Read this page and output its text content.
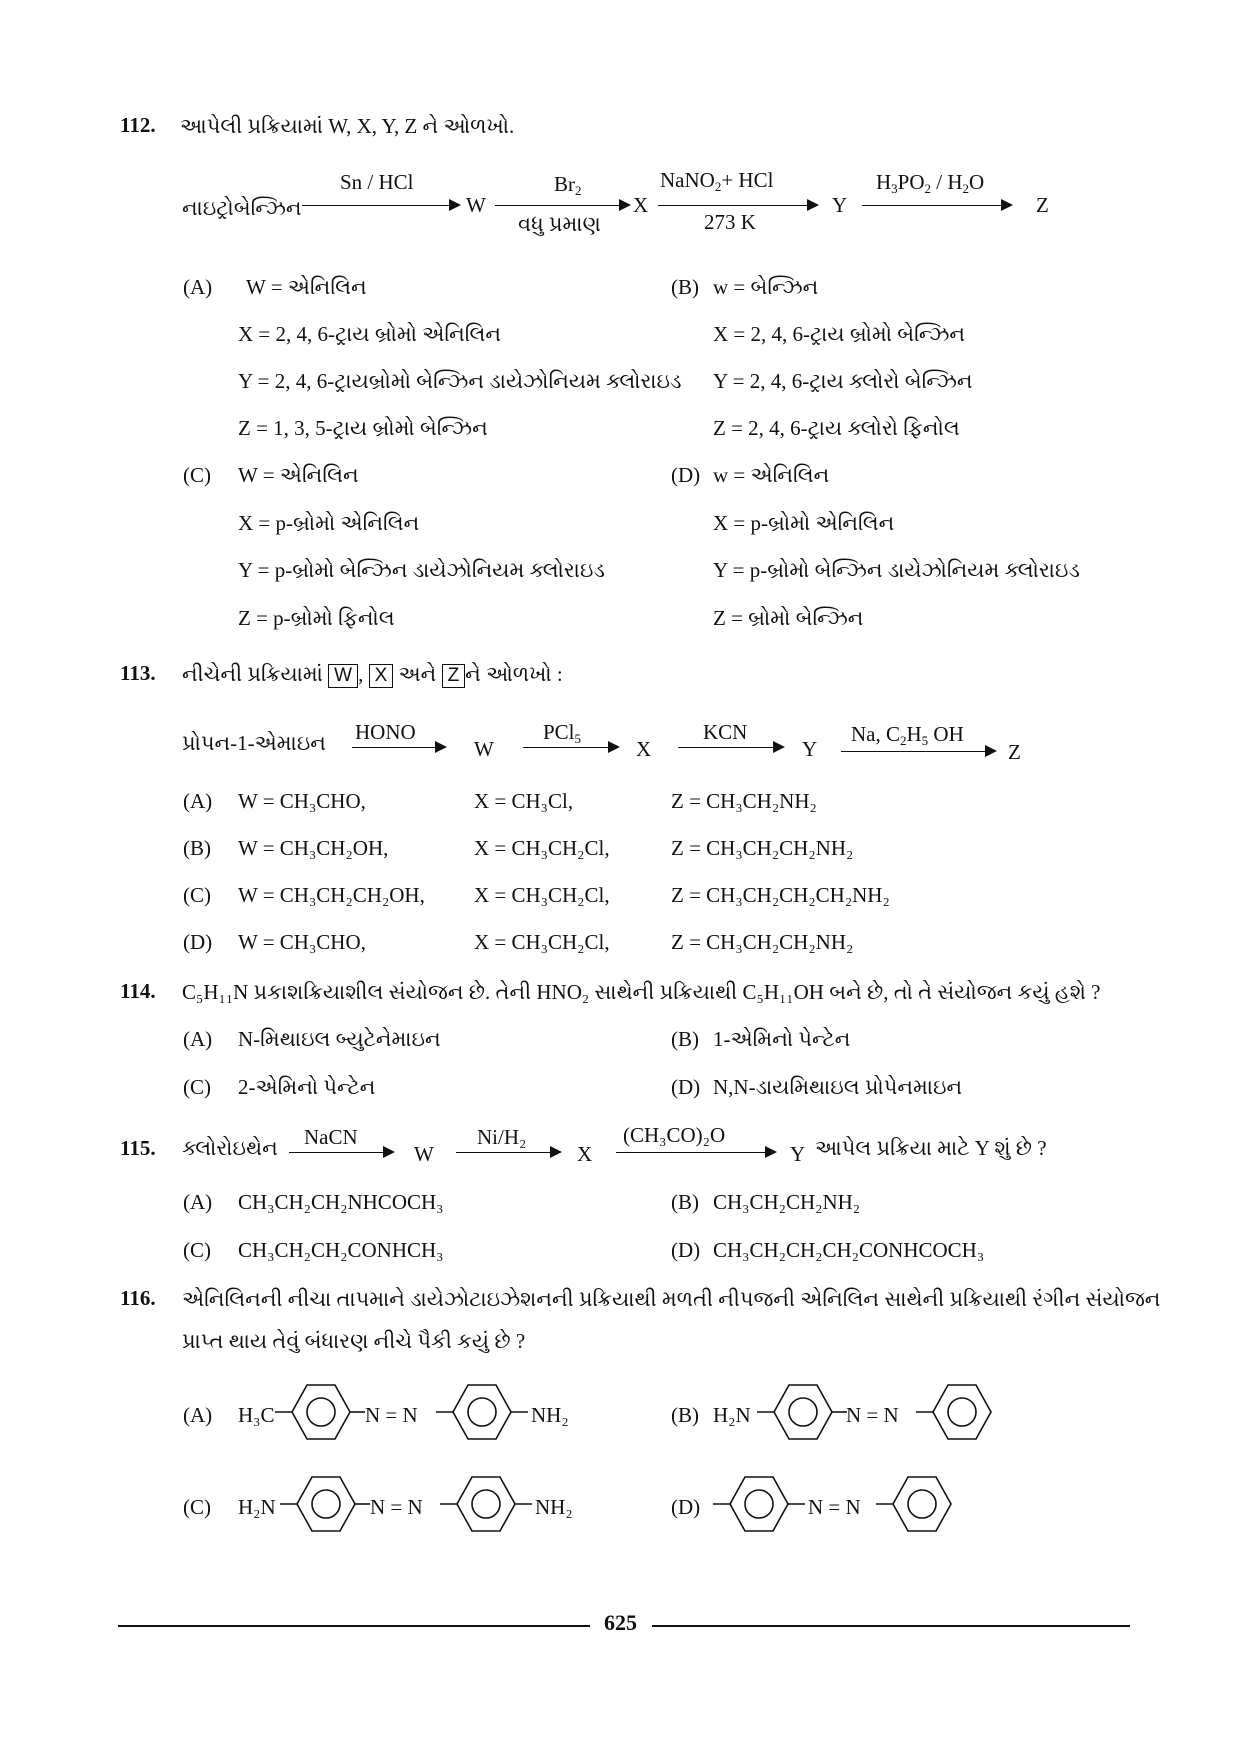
112. આપેલી પ્રક્રિયામાં W, X, Y, Z ને ઓળખો.
નાઇટ્રોબેન્ઝિન
Sn / HCl
W
$Br_2$
વધુ પ્રમાણ
X
NaNO$_2$+ HCl
273 K
Y
$H_3PO_2 / H_2O$
Z
(A) W = એનિલિન
X = 2, 4, 6-ટ્રાય બ્રોમો એનિલિન
Y = 2, 4, 6-ટ્રાયબ્રોમો બેન્ઝિન ડાયેઝોનિયમ ક્લોરાઇડ
Z = 1, 3, 5-ટ્રાય બ્રોમો બેન્ઝિન
(B) w = બેન્ઝિન
X = 2, 4, 6-ટ્રાય બ્રોમો બેન્ઝિન
Y = 2, 4, 6-ટ્રાય ક્લોરો બેન્ઝિન
Z = 2, 4, 6-ટ્રાય ક્લોરો ફિનોલ
(C) W = એનિલિન
X = p-બ્રોમો એનિલિન
Y = p-બ્રોમો બેન્ઝિન ડાયેઝોનિયમ ક્લોરાઇડ
Z = p-બ્રોમો ફિનોલ
(D) w = એનિલિન
X = p-બ્રોમો એનિલિન
Y = p-બ્રોમો બેન્ઝિન ડાયેઝોનિયમ ક્લોરાઇડ
Z = બ્રોમો બેન્ઝિન
113. નીચેની પ્રક્રિયામાં W , X અને Z ને ઓળખો :
પ્રોપન-1-એમાઇન HONO
W
PCl$_5$	X
KCN
Y
Na, $C_2H_5$ OH
Z
(A) W = CH₃CHO,	X = CH₃Cl,	Z = CH₃CH₂NH₂
(B) W = CH₃CH₂OH,	X = CH₃CH₂Cl,	Z = CH₃CH₂CH₂NH₂
(C) W = CH₃CH₂CH₂OH, X = CH₃CH₂Cl,	Z = CH₃CH₂CH₂CH₂NH₂
(D) W = CH₃CHO,	X = CH₃CH₂Cl,	Z = CH₃CH₂CH₂NH₂
114. C₅H₁₁N પ્રકાશક્રિયાશીલ સંયોજન છે. તેની HNO₂ સાથેની પ્રક્રિયાથી C₅H₁₁OH બને છે, તો તે સંયોજન કયું હશે ?
(A) N-મિથાઇલ બ્યુટેનેમાઇન	(B) 1-એમિનો પેન્ટેન
(C) 2-એમિનો પેન્ટેન	(D) N,N-ડાયમિથાઇલ પ્રોપેનમાઇન
115. ક્લોરોઇથેન NaCN
W
Ni/H₂
X
(CH₃CO)₂O
Y આપેલ પ્રક્રિયા માટે Y શું છે ?
(A) CH₃CH₂CH₂NHCOCH₃	(B) CH₃CH₂CH₂NH₂
(C) CH₃CH₂CH₂CONHCH₃	(D) CH₃CH₂CH₂CH₂CONHCOCH₃
116. એનિલિનની નીચા તાપમાને ડાયેઝોટાઇઝેશનની પ્રક્રિયાથી મળતી નીપજની એનિલિન સાથેની પ્રક્રિયાથી રંગીન સંયોજન
પ્રાપ્ત થાય તેવું બંધારણ નીચે પૈકી કયું છે ?
(A) H₃C	N = N	NH₂	(B) H₂N	N = N
(C) H₂N	N = N	NH₂	(D)	N = N
625
